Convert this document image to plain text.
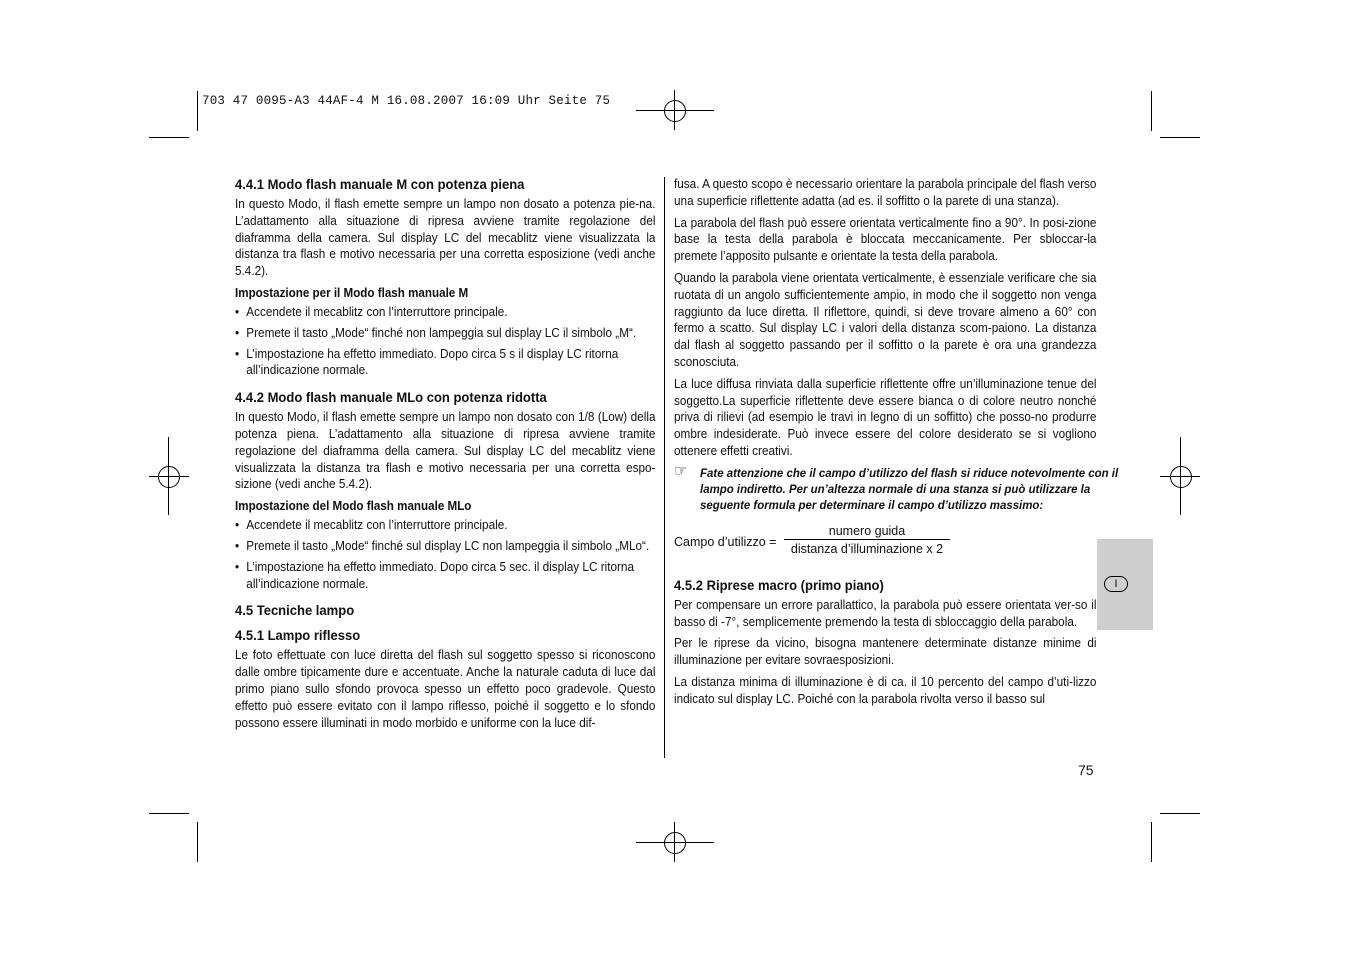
703 47 0095-A3 44AF-4 M 16.08.2007 16:09 Uhr Seite 75
4.4.1 Modo flash manuale M con potenza piena

In questo Modo, il flash emette sempre un lampo non dosato a potenza pie-na. L’adattamento alla situazione di ripresa avviene tramite regolazione del diaframma della camera. Sul display LC del mecablitz viene visualizzata la distanza tra flash e motivo necessaria per una corretta esposizione (vedi anche 5.4.2).

Impostazione per il Modo flash manuale M
• Accendete il mecablitz con l’interruttore principale.
• Premete il tasto „Mode“ finché non lampeggia sul display LC il simbolo „M“.
• L’impostazione ha effetto immediato. Dopo circa 5 s il display LC ritorna all’indicazione normale.
4.4.2 Modo flash manuale MLo con potenza ridotta

In questo Modo, il flash emette sempre un lampo non dosato con 1/8 (Low) della potenza piena. L’adattamento alla situazione di ripresa avviene tramite regolazione del diaframma della camera. Sul display LC del mecablitz viene visualizzata la distanza tra flash e motivo necessaria per una corretta espo-sizione (vedi anche 5.4.2).

Impostazione del Modo flash manuale MLo
• Accendete il mecablitz con l’interruttore principale.
• Premete il tasto „Mode“ finché sul display LC non lampeggia il simbolo „MLo“.
• L’impostazione ha effetto immediato. Dopo circa 5 sec. il display LC ritorna all’indicazione normale.
4.5 Tecniche lampo
4.5.1 Lampo riflesso

Le foto effettuate con luce diretta del flash sul soggetto spesso si riconoscono dalle ombre tipicamente dure e accentuate. Anche la naturale caduta di luce dal primo piano sullo sfondo provoca spesso un effetto poco gradevole. Questo effetto può essere evitato con il lampo riflesso, poiché il soggetto e lo sfondo possono essere illuminati in modo morbido e uniforme con la luce dif-

fusa. A questo scopo è necessario orientare la parabola principale del flash verso una superficie riflettente adatta (ad es. il soffitto o la parete di una stanza).

La parabola del flash può essere orientata verticalmente fino a 90°. In posi-zione base la testa della parabola è bloccata meccanicamente. Per sbloccar-la premete l’apposito pulsante e orientate la testa della parabola.

Quando la parabola viene orientata verticalmente, è essenziale verificare che sia ruotata di un angolo sufficientemente ampio, in modo che il soggetto non venga raggiunto da luce diretta. Il riflettore, quindi, si deve trovare almeno a 60° con fermo a scatto. Sul display LC i valori della distanza scom-paiono. La distanza dal flash al soggetto passando per il soffitto o la parete è ora una grandezza sconosciuta.

La luce diffusa rinviata dalla superficie riflettente offre un’illuminazione tenue del soggetto.La superficie riflettente deve essere bianca o di colore neutro nonché priva di rilievi (ad esempio le travi in legno di un soffitto) che posso-no produrre ombre indesiderate. Può invece essere del colore desiderato se si vogliono ottenere effetti creativi.

☞ Fate attenzione che il campo d’utilizzo del flash si riduce notevolmente con il lampo indiretto. Per un’altezza normale di una stanza si può utilizzare la seguente formula per determinare il campo d’utilizzo massimo:
Campo d’utilizzo =
numero guida
distanza d’illuminazione x 2
4.5.2 Riprese macro (primo piano)

Per compensare un errore parallattico, la parabola può essere orientata ver-so il basso di -7°, semplicemente premendo la testa di sbloccaggio della parabola.

Per le riprese da vicino, bisogna mantenere determinate distanze minime di illuminazione per evitare sovraesposizioni.

La distanza minima di illuminazione è di ca. il 10 percento del campo d’uti-lizzo indicato sul display LC. Poiché con la parabola rivolta verso il basso sul

I
75
